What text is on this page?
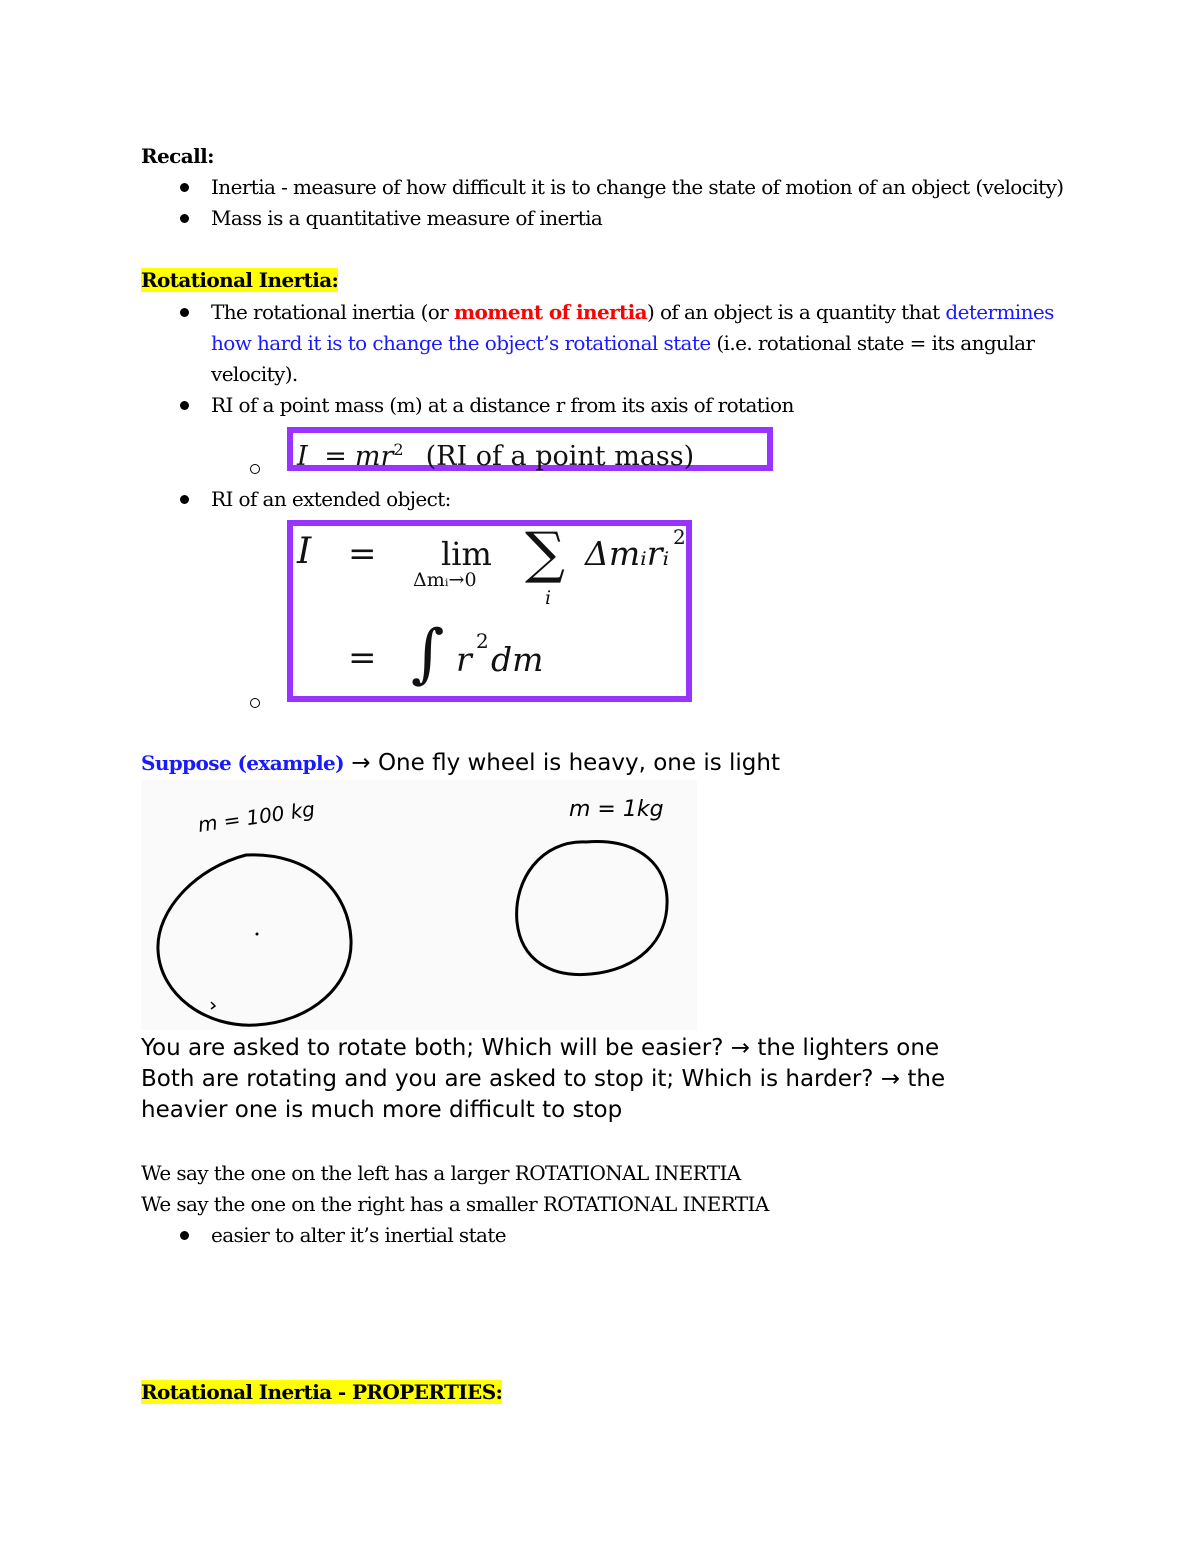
Recall:
Inertia - measure of how difficult it is to change the state of motion of an object (velocity)
Mass is a quantitative measure of inertia
Rotational Inertia:
The rotational inertia (or moment of inertia) of an object is a quantity that determines
how hard it is to change the object’s rotational state (i.e. rotational state = its angular
velocity).
RI of a point mass (m) at a distance r from its axis of rotation
$I = mr^2$ (RI of a point mass)
RI of an extended object:
I = lim
Δmᵢ→0 ∑
i
Δmᵢrᵢ 2
= ∫ r 2 dm
Suppose (example) → One fly wheel is heavy, one is light
m = 100 kg	m = 1kg
You are asked to rotate both; Which will be easier? → the lighters one
Both are rotating and you are asked to stop it; Which is harder? → the
heavier one is much more difficult to stop
We say the one on the left has a larger ROTATIONAL INERTIA
We say the one on the right has a smaller ROTATIONAL INERTIA
easier to alter it’s inertial state
Rotational Inertia - PROPERTIES:
